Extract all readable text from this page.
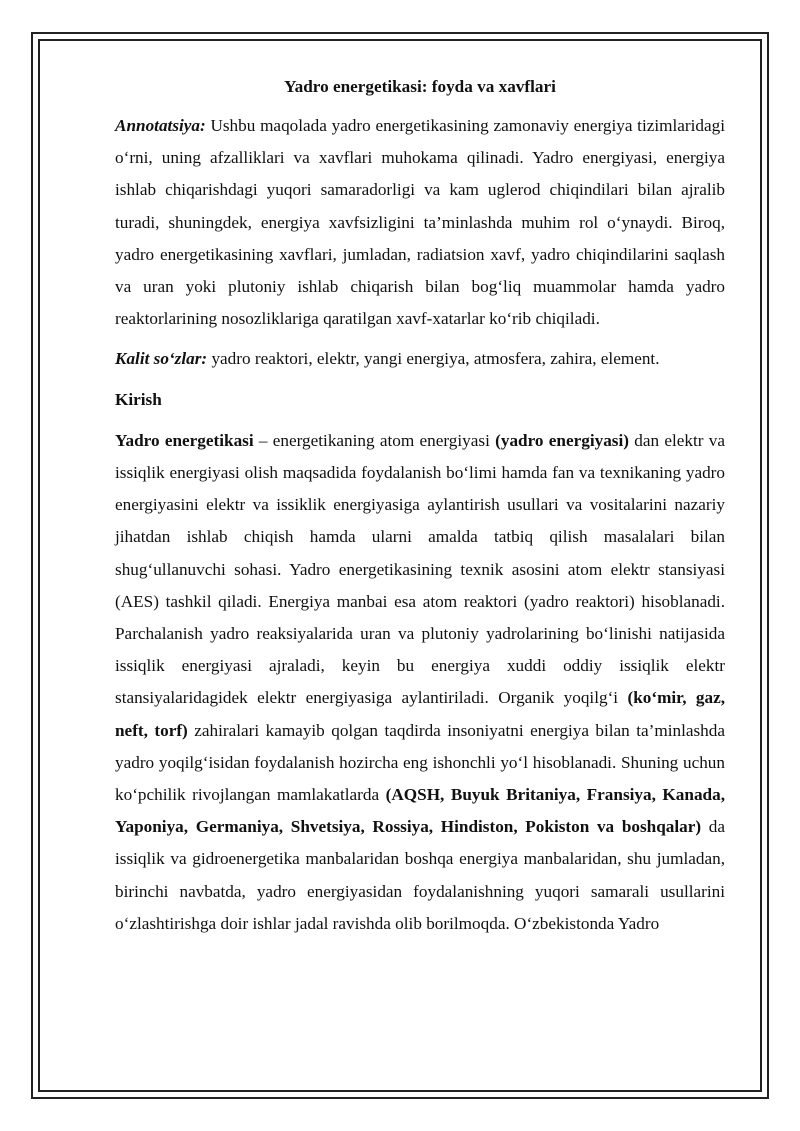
Yadro energetikasi: foyda va xavflari

Annotatsiya: Ushbu maqolada yadro energetikasining zamonaviy energiya tizimlaridagi o‘rni, uning afzalliklari va xavflari muhokama qilinadi. Yadro energiyasi, energiya ishlab chiqarishdagi yuqori samaradorligi va kam uglerod chiqindilari bilan ajralib turadi, shuningdek, energiya xavfsizligini ta’minlashda muhim rol o‘ynaydi. Biroq, yadro energetikasining xavflari, jumladan, radiatsion xavf, yadro chiqindilarini saqlash va uran yoki plutoniy ishlab chiqarish bilan bog‘liq muammolar hamda yadro reaktorlarining nosozliklariga qaratilgan xavf-xatarlar ko‘rib chiqiladi.

Kalit so‘zlar: yadro reaktori, elektr, yangi energiya, atmosfera, zahira, element.

Kirish

Yadro energetikasi – energetikaning atom energiyasi (yadro energiyasi) dan elektr va issiqlik energiyasi olish maqsadida foydalanish bo‘limi hamda fan va texnikaning yadro energiyasini elektr va issiklik energiyasiga aylantirish usullari va vositalarini nazariy jihatdan ishlab chiqish hamda ularni amalda tatbiq qilish masalalari bilan shug‘ullanuvchi sohasi. Yadro energetikasining texnik asosini atom elektr stansiyasi (AES) tashkil qiladi. Energiya manbai esa atom reaktori (yadro reaktori) hisoblanadi. Parchalanish yadro reaksiyalarida uran va plutoniy yadrolarining bo‘linishi natijasida issiqlik energiyasi ajraladi, keyin bu energiya xuddi oddiy issiqlik elektr stansiyalaridagidek elektr energiyasiga aylantiriladi. Organik yoqilg‘i (ko‘mir, gaz, neft, torf) zahiralari kamayib qolgan taqdirda insoniyatni energiya bilan ta’minlashda yadro yoqilg‘isidan foydalanish hozircha eng ishonchli yo‘l hisoblanadi. Shuning uchun ko‘pchilik rivojlangan mamlakatlarda (AQSH, Buyuk Britaniya, Fransiya, Kanada, Yaponiya, Germaniya, Shvetsiya, Rossiya, Hindiston, Pokiston va boshqalar) da issiqlik va gidroenergetika manbalaridan boshqa energiya manbalaridan, shu jumladan, birinchi navbatda, yadro energiyasidan foydalanishning yuqori samarali usullarini o‘zlashtirishga doir ishlar jadal ravishda olib borilmoqda. O‘zbekistonda Yadro
